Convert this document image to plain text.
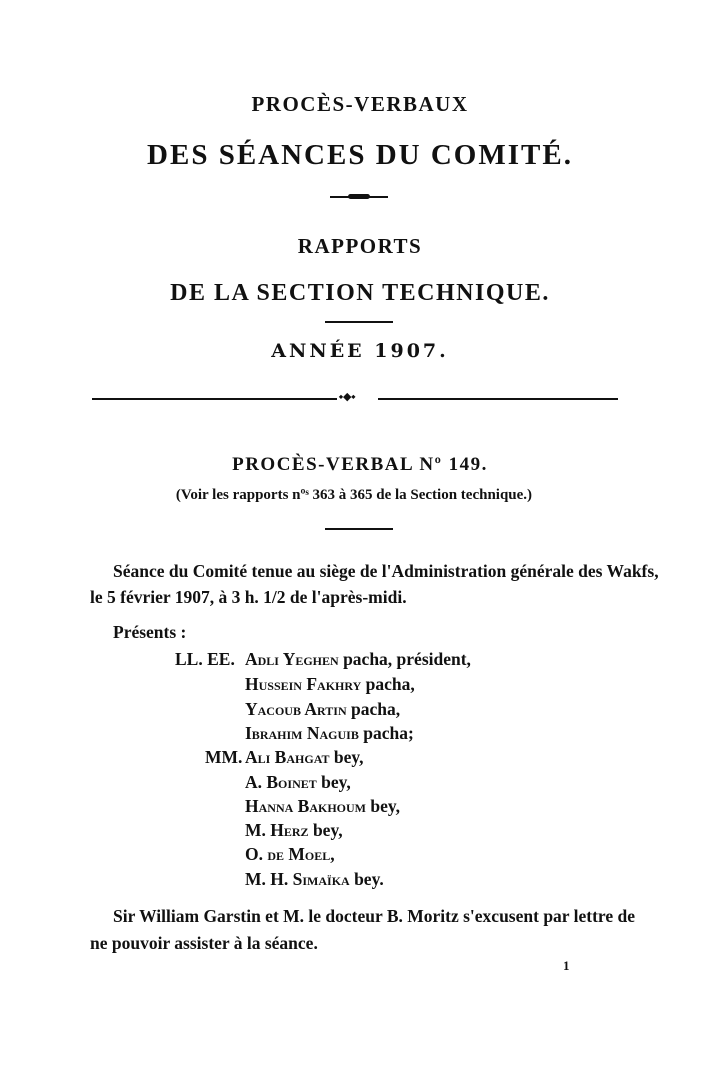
PROCÈS-VERBAUX
DES SÉANCES DU COMITÉ.
RAPPORTS
DE LA SECTION TECHNIQUE.
ANNÉE 1907.
⬩◆⬩
PROCÈS-VERBAL Nº 149.
(Voir les rapports nºˢ 363 à 365 de la Section technique.)
Séance du Comité tenue au siège de l'Administration générale des Wakfs,
le 5 février 1907, à 3 h. 1/2 de l'après-midi.
Présents :
LL. EE. Adli Yeghen pacha, président,
Hussein Fakhry pacha,
Yacoub Artin pacha,
Ibrahim Naguib pacha;
MM. Ali Bahgat bey,
A. Boinet bey,
Hanna Bakhoum bey,
M. Herz bey,
O. de Moel,
M. H. Simaïka bey.
Sir William Garstin et M. le docteur B. Moritz s'excusent par lettre de
ne pouvoir assister à la séance.
1
